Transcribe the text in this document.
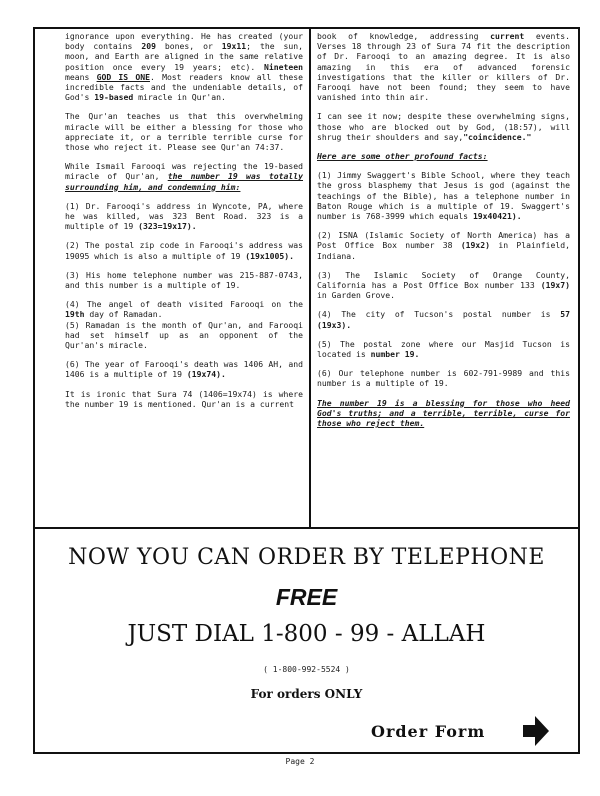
ignorance upon everything. He has created (your body contains 209 bones, or 19x11; the sun, moon, and Earth are aligned in the same relative position once every 19 years; etc). Nineteen means GOD IS ONE. Most readers know all these incredible facts and the undeniable details, of God's 19-based miracle in Qur'an.

The Qur'an teaches us that this overwhelming miracle will be either a blessing for those who appreciate it, or a terrible terrible curse for those who reject it. Please see Qur'an 74:37.

While Ismail Farooqi was rejecting the 19-based miracle of Qur'an, the number 19 was totally surrounding him, and condemning him:

(1) Dr. Farooqi's address in Wyncote, PA, where he was killed, was 323 Bent Road. 323 is a multiple of 19 (323=19x17).

(2) The postal zip code in Farooqi's address was 19095 which is also a multiple of 19 (19x1005).

(3) His home telephone number was 215-887-0743, and this number is a multiple of 19.

(4) The angel of death visited Farooqi on the 19th day of Ramadan.

(5) Ramadan is the month of Qur'an, and Farooqi had set himself up as an opponent of the Qur'an's miracle.

(6) The year of Farooqi's death was 1406 AH, and 1406 is a multiple of 19 (19x74).

It is ironic that Sura 74 (1406=19x74) is where the number 19 is mentioned. Qur'an is a current

book of knowledge, addressing current events. Verses 18 through 23 of Sura 74 fit the description of Dr. Farooqi to an amazing degree. It is also amazing in this era of advanced forensic investigations that the killer or killers of Dr. Farooqi have not been found; they seem to have vanished into thin air.

I can see it now; despite these overwhelming signs, those who are blocked out by God, (18:57), will shrug their shoulders and say,"coincidence."

Here are some other profound facts:

(1) Jimmy Swaggert's Bible School, where they teach the gross blasphemy that Jesus is god (against the teachings of the Bible), has a telephone number in Baton Rouge which is a multiple of 19. Swaggert's number is 768-3999 which equals 19x40421).

(2) ISNA (Islamic Society of North America) has a Post Office Box number 38 (19x2) in Plainfield, Indiana.

(3) The Islamic Society of Orange County, California has a Post Office Box number 133 (19x7) in Garden Grove.

(4) The city of Tucson's postal number is 57 (19x3).

(5) The postal zone where our Masjid Tucson is located is number 19.

(6) Our telephone number is 602-791-9989 and this number is a multiple of 19.

The number 19 is a blessing for those who heed God's truths; and a terrible, terrible, curse for those who reject them.

NOW YOU CAN ORDER BY TELEPHONE
FREE
JUST DIAL 1-800 - 99 - ALLAH
( 1-800-992-5524 )
For orders ONLY
Order Form
Page 2
